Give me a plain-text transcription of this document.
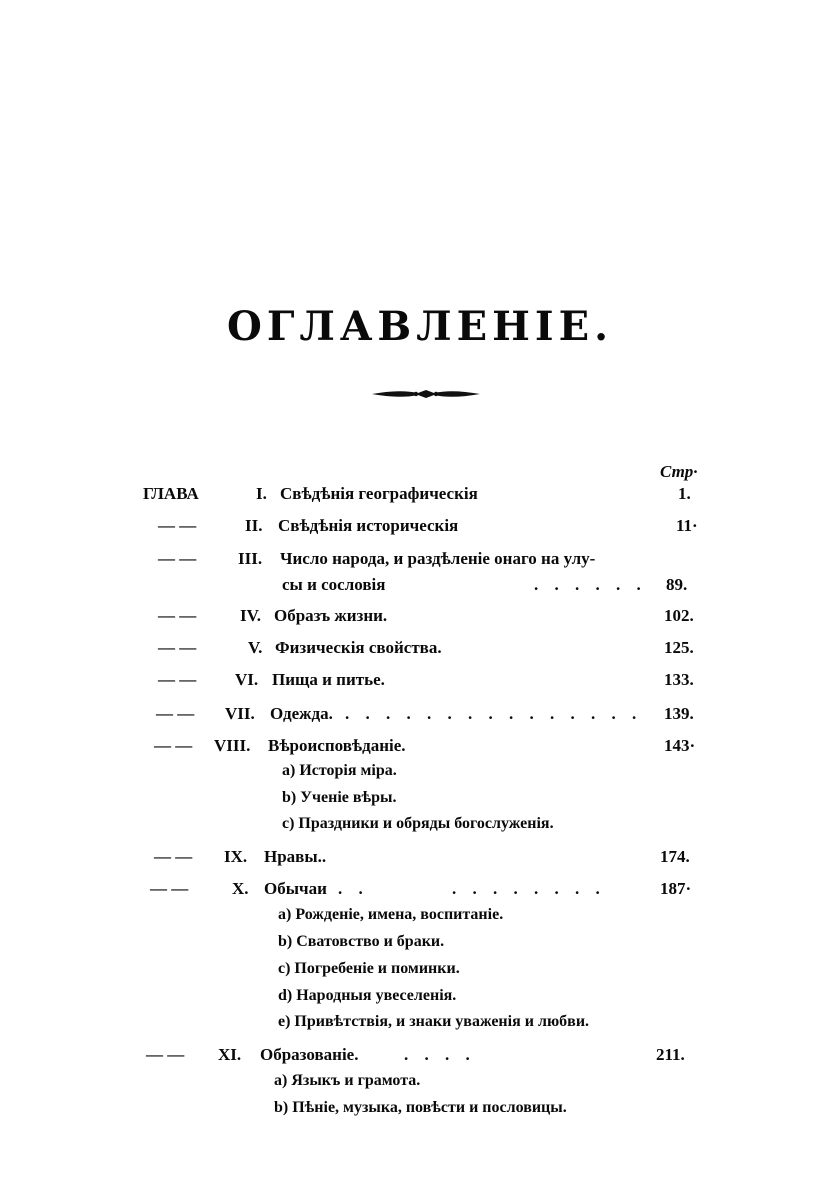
ОГЛАВЛЕНІЕ.
Стр·
ГЛАВА	I. Свѣдѣнія географическія	1.
— —	II. Свѣдѣнія историческія	11·
— — III. Число народа, и раздѣленіе онаго на улу-
сы и сословія	. . . . . . 89.
— —	IV. Образъ жизни.	102.
— —	V. Физическія свойства.	125.
— — VI. Пища и питье.	133.
— — VII. Одежда. . . . . . . . . . . . . . . . 139.
— — VIII. Вѣроисповѣданіе.	143·
a) Исторія міра.
b) Ученіе вѣры.
c) Праздники и обряды богослуженія.
— — IX. Нравы..	174.
— —	X. Обычаи . .	. . . . . . . .	187·
a) Рожденіе, имена, воспитаніе.
b) Сватовство и браки.
c) Погребеніе и поминки.
d) Народныя увеселенія.
e) Привѣтствія, и знаки уваженія и любви.
— — XI. Образованіе.	. . . .	211.
a) Языкъ и грамота.
b) Пѣніе, музыка, повѣсти и пословицы.
